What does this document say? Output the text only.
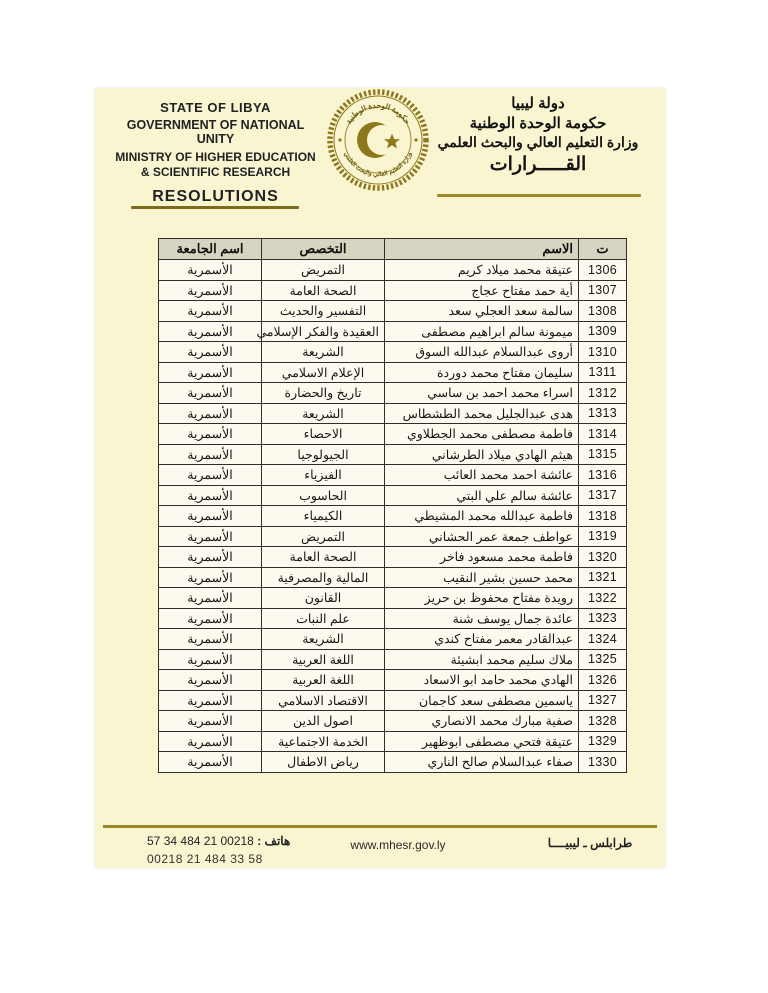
STATE OF LIBYA
GOVERNMENT OF NATIONAL UNITY
MINISTRY OF HIGHER EDUCATION
& SCIENTIFIC RESEARCH
RESOLUTIONS
حكومة الوحدة الوطنية
وزارة التعليم العالي والبحث العلمي
دولة ليبيا
حكومة الوحدة الوطنية
وزارة التعليم العالي والبحث العلمي
القـــــرارات
ت	الاسم	التخصص	اسم الجامعة
1306	عتيقة محمد ميلاد كريم	التمريض	الأسمرية
1307	أية حمد مفتاح عجاج	الصحة العامة	الأسمرية
1308	سالمة سعد العجلي سعد	التفسير والحديث	الأسمرية
1309	ميمونة سالم ابراهيم مصطفى	العقيدة والفكر الإسلامي	الأسمرية
1310	أروى عبدالسلام عبدالله السوق	الشريعة	الأسمرية
1311	سليمان مفتاح محمد دوردة	الإعلام الاسلامي	الأسمرية
1312	اسراء محمد احمد بن ساسي	تاريخ والحضارة	الأسمرية
1313	هدى عبدالجليل محمد الطشطاس	الشريعة	الأسمرية
1314	فاطمة مصطفى محمد الجطلاوي	الاحصاء	الأسمرية
1315	هيثم الهادي ميلاد الطرشاني	الجيولوجيا	الأسمرية
1316	عائشة احمد محمد العائب	الفيزياء	الأسمرية
1317	عائشة سالم علي البتي	الحاسوب	الأسمرية
1318	فاطمة عبدالله محمد المشيطي	الكيمياء	الأسمرية
1319	عواطف جمعة عمر الحشاني	التمريض	الأسمرية
1320	فاطمة محمد مسعود فاخر	الصحة العامة	الأسمرية
1321	محمد حسين بشير النقيب	المالية والمصرفية	الأسمرية
1322	رويدة مفتاح محفوظ بن حريز	القانون	الأسمرية
1323	عائدة جمال يوسف شنة	علم النبات	الأسمرية
1324	عبدالقادر معمر مفتاح كندي	الشريعة	الأسمرية
1325	ملاك سليم محمد ابشيئة	اللغة العربية	الأسمرية
1326	الهادي محمد حامد ابو الاسعاد	اللغة العربية	الأسمرية
1327	ياسمين مصطفى سعد كاجمان	الاقتصاد الاسلامي	الأسمرية
1328	صفية مبارك محمد الانصاري	اصول الدين	الأسمرية
1329	عتيقة فتحي مصطفى ابوظهير	الخدمة الاجتماعية	الأسمرية
1330	صفاء عبدالسلام صالح الناري	رياض الاطفال	الأسمرية
هاتف : 00218 21 484 34 57
00218 21 484 33 58
www.mhesr.gov.ly	طرابلس ـ ليبيــــا
